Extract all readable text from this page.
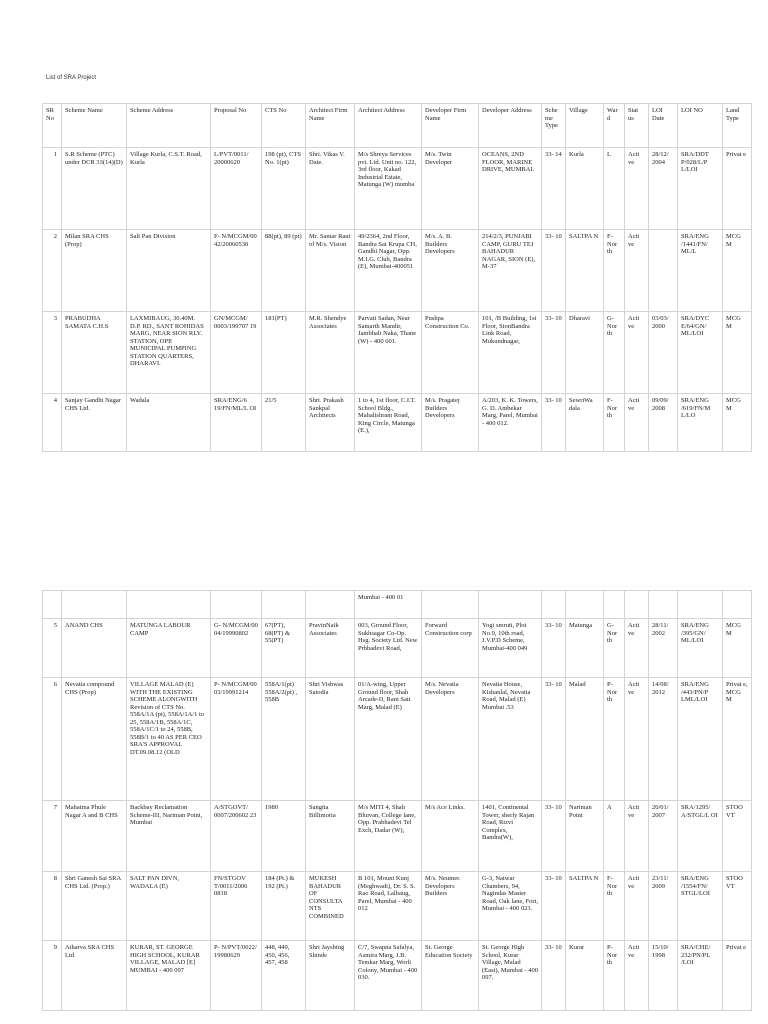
List of SRA Project
SR No	Scheme Name	Scheme Address	Proposal No	CTS No	Architect Firm Name	Architect Address	Developer Firm Name	Developer Address	Sche me Type	Village	War d	Stat us	LOI Date	LOI NO	Land Type
1	S.R Scheme (PTC) under DCR 33(14)(D)	Village Kurla, C.S.T. Road, Kurla	L/PVT/0011/ 20000620	198 (pt), CTS No. 1(pt)	Shri. Vikas V. Date.	M/s Shreya Services pvt. Ltd. Unit no. 122, 3rd floor, Kakad Industrial Estate, Matunga (W) mumba	M/s. Twin Developer	OCEANS, 2ND FLOOR, MARINE DRIVE, MUMBAI.	33- 14	Kurla	L	Acti ve	28/12/ 2004	SRA/DDT P/028/L/P L/LOI	Privat e
2	Milan SRA CHS (Prop)	Salt Pan Division	F- N/MCGM/00 42/20060530	88(pt), 89 (pt)	Mr. Samar Raut of M/s. Vision	49/2364, 2nd Floor, Bandra Sai Krupa CH, Gandhi Nagar, Opp. M.I.G. Club, Bandra (E), Mumbai-400051	M/s. A. B. Builders Developers	214/2/3, PUNJABI CAMP, GURU TEJ BAHADUR NAGAR, SION (E), M-37	33- 10	SALTPA N	F- Nor th	Acti ve		SRA/ENG /1441/FN/ ML/L	MCG M
3	PRABUDHA SAMATA C.H.S	LAXMIBAUG, 30.40M. D.P. RD., SANT ROHIDAS MARG, NEAR SION RLY. STATION, OPP. MUNICIPAL PUMPING STATION QUARTERS, DHARAVI.	GN/MCGM/ 0003/199707 19	181(PT)	M.R. Shendye Associates	Parvati Sadan, Near Samarth Mandir, Jambhali Naka, Thane (W) - 400 601.	Pushpa Construction Co.	101, /B Building, 1st Floor, SionBandra Link Road, Mukundnagar,	33- 10	Dharavi	G- Nor th	Acti ve	03/03/ 2000	SRA/DYC E/64/GN/ ML/LOI	MCG M
4	Sanjay Gandhi Nagar CHS Ltd.	Wadala	SRA/ENG/6 19/FN/ML/L OI	21/5	Shri. Prakash Sankpal Architects	1 to 4, 1st floor, C.I.T. School Bldg., Mahalishram Road, King Circle, Matunga (E.),	M/s. Pragatej Builders Developers	A/203, K. K. Towers, G. D. Ambekar Marg, Parel, Mumbai - 400 012.	33- 10	SewriWa dala	F- Nor th	Acti ve	09/09/ 2008	SRA/ENG /619/FN/M L/LO	MCG M
						Mumbai - 400 01									
5	ANAND CHS	MATUNGA LABOUR CAMP	G- N/MCGM/00 04/19990802	67(PT), 68(PT) & 55(PT)	PravinNaik Associates	003, Ground Floor, Sukhsagar Co-Op. Hsg. Society Ltd. New Prbhadevi Road,	Forward Construction corp	Yogi smruti, Plot No.9, 10th road, J.V.P.D Scheme, Mumbai-400 049	33- 10	Matunga	G- Nor th	Acti ve	28/11/ 2002	SRA/ENG /395/GN/ ML/LOI	MCG M
6	Nevatia compound CHS (Prop)	VILLAGE MALAD (E) WITH THE EXISTING SCHEME ALONGWITH Revision of CTS No. 558A/1A (pt), 558A/1A/1 to 25, 558A/1B, 558A/1C, 558A/1C/1 to 24, 558B, 558B/1 to 40 AS PER CEO SRA'S APPROVAL DT.09.08.12 (OLD	P- N/MCGM/00 03/19991214	558A/1(pt) 558A/2(pt) , 558B	Shri Vishwas Satodia	01/A-wing, Upper Ground floor, Shah Arcade-II, Rani Sati Marg, Malad (E)	M/s. Nevatia Developers	Nevatia House, Kishanlal, Nevatia Road, Malad (E) Mumbai .53	33- 10	Malad	P- Nor th	Acti ve	14/08/ 2012	SRA/ENG /443/PN/P LML/LOI	Privat e, MCG M
7	Mahatma Phule Nagar A and B CHS	Backbay Reclamation Scheme-III, Nariman Point, Mumbai	A/STGOVT/ 0007/200602 23	1980	Sangita Billimoria	M/s MITI 4, Shah Bhuvan, College lane, Opp. Prabhadevi Tel Exch, Dadar (W),	M/s Ace Links.	1401, Continental Tower, sherly Rajan Road, Rizvi Complex, Bandra(W),	33- 10	Nariman Point	A	Acti ve	20/01/ 2007	SRA/1295/ A/STGL/L OI	STOO VT
8	Shri Ganesh Sai SRA CHS Ltd. (Prop.)	SALT PAN DIVN, WADALA (E)	FN/STGOV T/0011/2006 0818	184 (Pt.) & 192 (Pt.)	MUKESH BAHADUR OF CONSULTA NTS COMBINED	B 101, Mount Kunj (Meghwadi), Dr. S. S. Rao Road, Lalbaug, Parel, Mumbai - 400 012	M/s. Neumec Developers Builders	G-3, Natwar Chambers, 94, Nagindas Master Road, Oak lane, Fort, Mumbai - 400 023.	33- 10	SALTPA N	F- Nor th	Acti ve	23/11/ 2009	SRA/ENG /1554/FN/ STGL/LOI	STOO VT
9	Atharva SRA CHS Ltd	KURAR, ST. GEORGE HIGH SCHOOL, KURAR VILLAGE, MALAD [E] MUMBAI - 400 097	P- N/PVT/0022/ 19980629	448, 449, 450, 456, 457, 458	Shri Jayshing Shinde	C/7, Swapna Safalya, Asmira Marg, J.B. Temkar Marg, Worli Colony, Mumbai - 400 030.	St. George Education Society	St. George High School, Kurar Village, Malad (East), Mumbai - 400 097.	33- 10	Kurar	P- Nor th	Acti ve	15/10/ 1998	SRA/CHE/ 232/PN/PL /LOI	Privat e
